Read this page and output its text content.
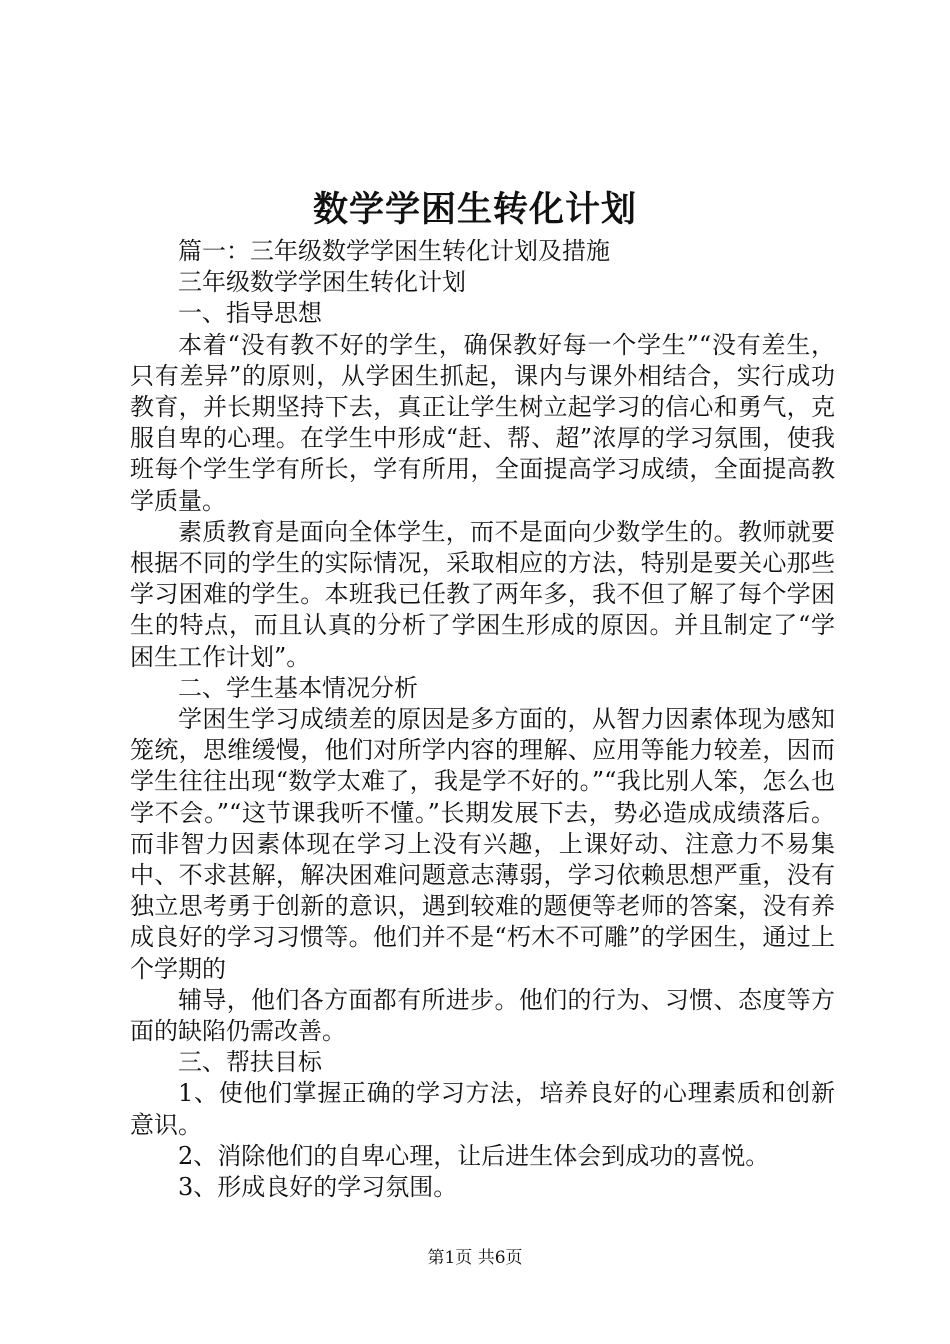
数学学困生转化计划

篇一：三年级数学学困生转化计划及措施

三年级数学学困生转化计划

一、指导思想

本着“没有教不好的学生，确保教好每一个学生”“没有差生，只有差异”的原则，从学困生抓起，课内与课外相结合，实行成功教育，并长期坚持下去，真正让学生树立起学习的信心和勇气，克服自卑的心理。在学生中形成“赶、帮、超”浓厚的学习氛围，使我班每个学生学有所长，学有所用，全面提高学习成绩，全面提高教学质量。

素质教育是面向全体学生，而不是面向少数学生的。教师就要根据不同的学生的实际情况，采取相应的方法，特别是要关心那些学习困难的学生。本班我已任教了两年多，我不但了解了每个学困生的特点，而且认真的分析了学困生形成的原因。并且制定了“学困生工作计划”。

二、学生基本情况分析

学困生学习成绩差的原因是多方面的，从智力因素体现为感知笼统，思维缓慢，他们对所学内容的理解、应用等能力较差，因而学生往往出现“数学太难了，我是学不好的。”“我比别人笨，怎么也学不会。”“这节课我听不懂。”长期发展下去，势必造成成绩落后。而非智力因素体现在学习上没有兴趣，上课好动、注意力不易集中、不求甚解，解决困难问题意志薄弱，学习依赖思想严重，没有独立思考勇于创新的意识，遇到较难的题便等老师的答案，没有养成良好的学习习惯等。他们并不是“朽木不可雕”的学困生，通过上个学期的

辅导，他们各方面都有所进步。他们的行为、习惯、态度等方面的缺陷仍需改善。

三、帮扶目标

1、使他们掌握正确的学习方法，培养良好的心理素质和创新意识。

2、消除他们的自卑心理，让后进生体会到成功的喜悦。

3、形成良好的学习氛围。

第1页 共6页
